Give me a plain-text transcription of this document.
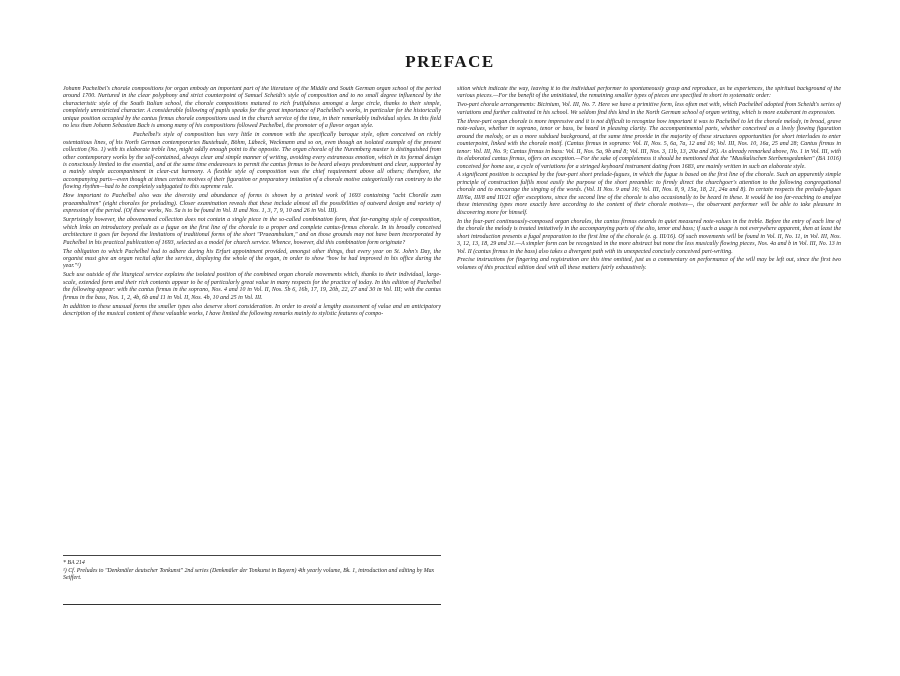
PREFACE

Johann Pachelbel's chorale compositions for organ embody an important part of the literature of the Middle and South German organ school of the period around 1700. Nurtured in the clear polyphony and strict counterpoint of Samuel Scheidt's style of composition and to no small degree influenced by the characteristic style of the South Italian school, the chorale compositions matured to rich fruitfulness amongst a large circle, thanks to their simple, completely unrestricted character. A considerable following of pupils speaks for the great importance of Pachelbel's works, in particular for the historically unique position occupied by the cantus firmus chorale compositions used in the church service of the time, in their remarkably individual styles. In this field no less than Johann Sebastian Bach is among many of his compositions followed Pachelbel, the promoter of a flavor organ style.

Pachelbel's style of composition has very little in common with the specifically baroque style, often conceived on richly ostentatious lines, of his North German contemporaries Buxtehude, Böhm, Lübeck, Weckmann and so on, even though an isolated example of the present collection (No. 1) with its elaborate treble line, might oddly enough point to the opposite. The organ chorale of the Nuremberg master is distinguished from other contemporary works by the self-contained, always clear and simple manner of writing, avoiding every extraneous emotion, which in its formal design is consciously limited to the essential, and at the same time endeavours to permit the cantus firmus to be heard always predominant and clear, supported by a mainly simple accompaniment in clear-cut harmony. A flexible style of composition was the chief requirement above all others; therefore, the accompanying parts—even though at times certain motives of their figuration or preparatory imitation of a chorale motive categorically run contrary to the flowing rhythm—had to be completely subjugated to this supreme rule.

How important to Pachelbel also was the diversity and abundance of forms is shown by a printed work of 1693 containing "acht Choräle zum praeambuliren" (eight chorales for preluding). Closer examination reveals that these include almost all the possibilities of outward design and variety of expression of the period. (Of these works, No. 5a is to be found in Vol. II and Nos. 1, 3, 7, 9, 10 and 26 in Vol. III).

Surprisingly however, the abovenamed collection does not contain a single piece in the so-called combination form, that far-ranging style of composition, which links an introductory prelude as a fugue on the first line of the chorale to a proper and complete cantus-firmus chorale. In its broadly conceived architecture it goes far beyond the limitations of traditional forms of the short "Praeambulum," and on those grounds may not have been incorporated by Pachelbel in his practical publication of 1693, selected as a model for church service. Whence, however, did this combination form originate?

The obligation to which Pachelbel had to adhere during his Erfurt appointment provided, amongst other things, that every year on St. John's Day, the organist must give an organ recital after the service, displaying the whole of the organ, in order to show "how he had improved in his office during the year."¹)

Such use outside of the liturgical service explains the isolated position of the combined organ chorale movements which, thanks to their individual, large-scale, extended form and their rich contents appear to be of particularly great value in many respects for the practice of today. In this edition of Pachelbel the following appear: with the cantus firmus in the soprano, Nos. 4 and 10 in Vol. II, Nos. 5b 6, 16b, 17, 19, 20b, 22, 27 and 30 in Vol. III; with the cantus firmus in the bass, Nos. 1, 2, 4b, 6b and 11 in Vol. II, Nos. 4b, 10 and 25 in Vol. III.

In addition to these unusual forms the smaller types also deserve short consideration. In order to avoid a lengthy assessment of value and an anticipatory description of the musical content of these valuable works, I have limited the following remarks mainly to stylistic features of compo-

sition which indicate the way, leaving it to the individual performer to spontaneously grasp and reproduce, as he experiences, the spiritual background of the various pieces.—For the benefit of the uninitiated, the remaining smaller types of pieces are specified in short in systematic order:

Two-part chorale arrangements: Bicinium, Vol. III, No. 7. Here we have a primitive form, less often met with, which Pachelbel adopted from Scheidt's series of variations and further cultivated in his school. We seldom find this kind in the North German school of organ writing, which is more exuberant in expression.

The three-part organ chorale is more impressive and it is not difficult to recognize how important it was to Pachelbel to let the chorale melody, in broad, grave note-values, whether in soprano, tenor or bass, be heard in pleasing clarity. The accompanimental parts, whether conceived as a lively flowing figuration around the melody, or as a more subdued background, at the same time provide in the majority of these structures opportunities for short interludes to enter counterpoint, linked with the chorale motif. (Cantus firmus in soprano: Vol. II, Nos. 5, 6a, 7a, 12 and 16; Vol. III, Nos. 10, 16a, 25 and 28; Cantus firmus in tenor: Vol. III, No. 9; Cantus firmus in bass: Vol. II, Nos. 5a, 9b and 8; Vol. III, Nos. 3, 11b, 13, 20a and 26). As already remarked above, No. 1 in Vol. III, with its elaborated cantus firmus, offers an exception.—For the sake of completeness it should be mentioned that the "Musikalischen Sterbensgedanken" (BA 1016) conceived for home use, a cycle of variations for a stringed keyboard instrument dating from 1683, are mainly written in such an elaborate style.

A significant position is occupied by the four-part short prelude-fugues, in which the fugue is based on the first line of the chorale. Such an apparently simple principle of construction fulfils most easily the purpose of the short preamble: to firmly direct the churchgoer's attention to the following congregational chorale and to encourage the singing of the words. (Vol. II Nos. 9 and 16; Vol. III, Nos. 8, 9, 15a, 18, 21, 24a and 8). In certain respects the prelude-fugues III/6a, III/8 and III/21 offer exceptions, since the second line of the chorale is also occasionally to be heard in these. It would be too far-reaching to analyze these interesting types more exactly here according to the content of their chorale motives—, the observant performer will be able to take pleasure in discovering more for himself.

In the four-part continuously-composed organ chorales, the cantus firmus extends in quiet measured note-values in the treble. Before the entry of each line of the chorale the melody is treated imitatively in the accompanying parts of the alto, tenor and bass; if such a usage is not everywhere apparent, then at least the short introduction presents a fugal preparation to the first line of the chorale (e. g. III/16). Of such movements will be found in Vol. II, No. 11, in Vol. III, Nos. 3, 12, 13, 18, 29 and 31.—A simpler form can be recognized in the more abstract but none the less musically flowing pieces, Nos. 4a and b in Vol. III, No. 13 in Vol. II (cantus firmus in the bass) also takes a divergent path with its unexpected concisely conceived part-writing.

Precise instructions for fingering and registration are this time omitted, just as a commentary on performance of the will may be left out, since the first two volumes of this practical edition deal with all these matters fairly exhaustively.

* BA 214
¹) Cf. Preludes to "Denkmäler deutscher Tonkunst" 2nd series (Denkmäler der Tonkunst in Bayern) 4th yearly volume, Bk. 1, introduction and editing by Max Seiffert.
